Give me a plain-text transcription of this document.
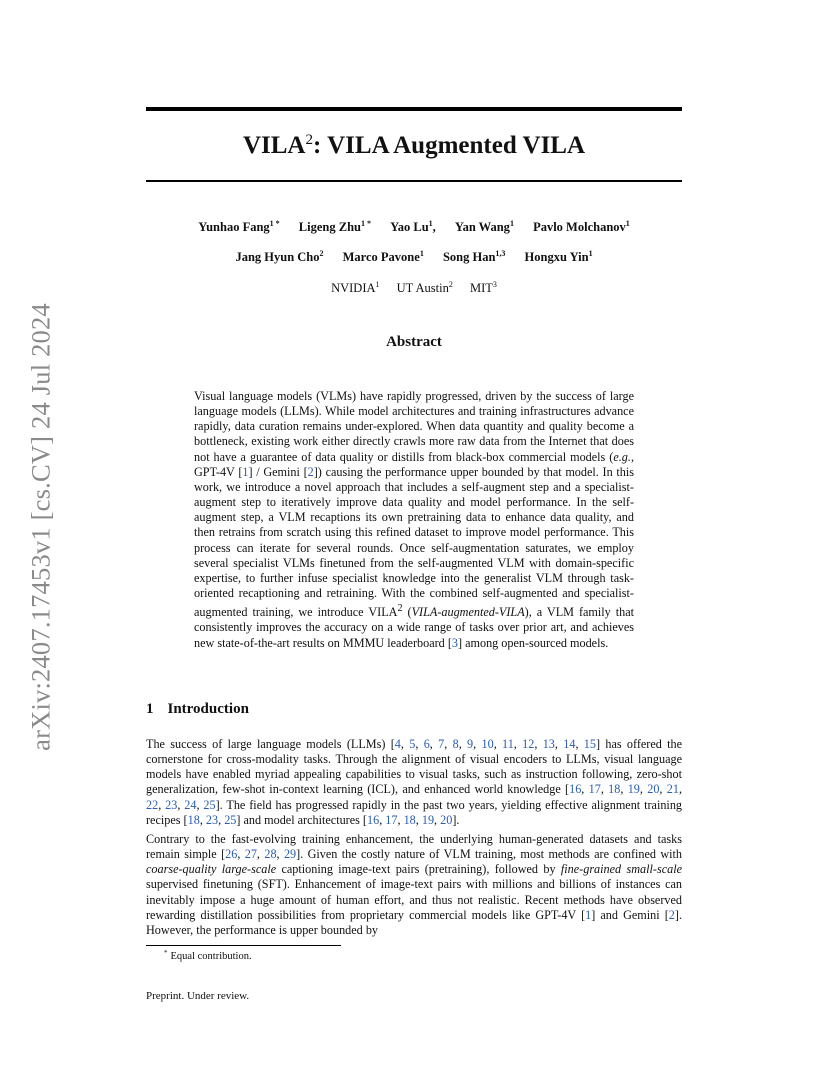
arXiv:2407.17453v1 [cs.CV] 24 Jul 2024
VILA$^2$: VILA Augmented VILA
Yunhao Fang$^{1 *}$ Ligeng Zhu$^{1 *}$ Yao Lu$^1$, Yan Wang$^1$ Pavlo Molchanov$^1$
Jang Hyun Cho$^2$ Marco Pavone$^1$ Song Han$^{1,3}$ Hongxu Yin$^1$
NVIDIA$^1$ UT Austin$^2$ MIT$^3$
Abstract

Visual language models (VLMs) have rapidly progressed, driven by the success of large language models (LLMs). While model architectures and training infrastructures advance rapidly, data curation remains under-explored. When data quantity and quality become a bottleneck, existing work either directly crawls more raw data from the Internet that does not have a guarantee of data quality or distills from black-box commercial models (e.g., GPT-4V [1] / Gemini [2]) causing the performance upper bounded by that model. In this work, we introduce a novel approach that includes a self-augment step and a specialist-augment step to iteratively improve data quality and model performance. In the self-augment step, a VLM recaptions its own pretraining data to enhance data quality, and then retrains from scratch using this refined dataset to improve model performance. This process can iterate for several rounds. Once self-augmentation saturates, we employ several specialist VLMs finetuned from the self-augmented VLM with domain-specific expertise, to further infuse specialist knowledge into the generalist VLM through task-oriented recaptioning and retraining. With the combined self-augmented and specialist-augmented training, we introduce VILA$^2$ (VILA-augmented-VILA), a VLM family that consistently improves the accuracy on a wide range of tasks over prior art, and achieves new state-of-the-art results on MMMU leaderboard [3] among open-sourced models.

1 Introduction

The success of large language models (LLMs) [4, 5, 6, 7, 8, 9, 10, 11, 12, 13, 14, 15] has offered the cornerstone for cross-modality tasks. Through the alignment of visual encoders to LLMs, visual language models have enabled myriad appealing capabilities to visual tasks, such as instruction following, zero-shot generalization, few-shot in-context learning (ICL), and enhanced world knowledge [16, 17, 18, 19, 20, 21, 22, 23, 24, 25]. The field has progressed rapidly in the past two years, yielding effective alignment training recipes [18, 23, 25] and model architectures [16, 17, 18, 19, 20].

Contrary to the fast-evolving training enhancement, the underlying human-generated datasets and tasks remain simple [26, 27, 28, 29]. Given the costly nature of VLM training, most methods are confined with coarse-quality large-scale captioning image-text pairs (pretraining), followed by fine-grained small-scale supervised finetuning (SFT). Enhancement of image-text pairs with millions and billions of instances can inevitably impose a huge amount of human effort, and thus not realistic. Recent methods have observed rewarding distillation possibilities from proprietary commercial models like GPT-4V [1] and Gemini [2]. However, the performance is upper bounded by

* Equal contribution.

Preprint. Under review.
